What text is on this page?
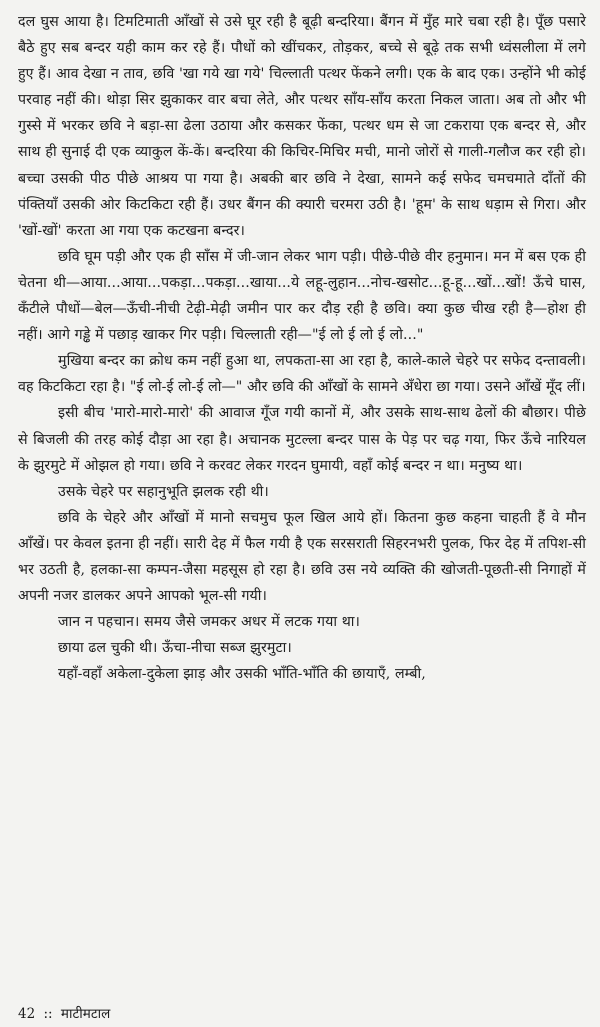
दल घुस आया है। टिमटिमाती आँखों से उसे घूर रही है बूढ़ी बन्दरिया। बैंगन में मुँह मारे चबा रही है। पूँछ पसारे बैठे हुए सब बन्दर यही काम कर रहे हैं। पौधों को खींचकर, तोड़कर, बच्चे से बूढ़े तक सभी ध्वंसलीला में लगे हुए हैं। आव देखा न ताव, छवि 'खा गये खा गये' चिल्लाती पत्थर फेंकने लगी। एक के बाद एक। उन्होंने भी कोई परवाह नहीं की। थोड़ा सिर झुकाकर वार बचा लेते, और पत्थर साँय-साँय करता निकल जाता। अब तो और भी गुस्से में भरकर छवि ने बड़ा-सा ढेला उठाया और कसकर फेंका, पत्थर धम से जा टकराया एक बन्दर से, और साथ ही सुनाई दी एक व्याकुल कें-कें। बन्दरिया की किचिर-मिचिर मची, मानो जोरों से गाली-गलौज कर रही हो। बच्चा उसकी पीठ पीछे आश्रय पा गया है। अबकी बार छवि ने देखा, सामने कई सफेद चमचमाते दाँतों की पंक्तियाँ उसकी ओर किटकिटा रही हैं। उधर बैंगन की क्यारी चरमरा उठी है। 'हूम' के साथ धड़ाम से गिरा। और 'खों-खों' करता आ गया एक कटखना बन्दर।

छवि घूम पड़ी और एक ही साँस में जी-जान लेकर भाग पड़ी। पीछे-पीछे वीर हनुमान। मन में बस एक ही चेतना थी—आया...आया...पकड़ा...पकड़ा...खाया...ये लहू-लुहान...नोच-खसोट...हू-हू...खों...खों! ऊँचे घास, कँटीले पौधों—बेल—ऊँची-नीची टेढ़ी-मेढ़ी जमीन पार कर दौड़ रही है छवि। क्या कुछ चीख रही है—होश ही नहीं। आगे गड्ढे में पछाड़ खाकर गिर पड़ी। चिल्लाती रही—"ई लो ई लो ई लो..."

मुखिया बन्दर का क्रोध कम नहीं हुआ था, लपकता-सा आ रहा है, काले-काले चेहरे पर सफेद दन्तावली। वह किटकिटा रहा है। "ई लो-ई लो-ई लो—" और छवि की आँखों के सामने अँधेरा छा गया। उसने आँखें मूँद लीं।

इसी बीच 'मारो-मारो-मारो' की आवाज गूँज गयी कानों में, और उसके साथ-साथ ढेलों की बौछार। पीछे से बिजली की तरह कोई दौड़ा आ रहा है। अचानक मुटल्ला बन्दर पास के पेड़ पर चढ़ गया, फिर ऊँचे नारियल के झुरमुटे में ओझल हो गया। छवि ने करवट लेकर गरदन घुमायी, वहाँ कोई बन्दर न था। मनुष्य था।

उसके चेहरे पर सहानुभूति झलक रही थी।

छवि के चेहरे और आँखों में मानो सचमुच फूल खिल आये हों। कितना कुछ कहना चाहती हैं वे मौन आँखें। पर केवल इतना ही नहीं। सारी देह में फैल गयी है एक सरसराती सिहरनभरी पुलक, फिर देह में तपिश-सी भर उठती है, हलका-सा कम्पन-जैसा महसूस हो रहा है। छवि उस नये व्यक्ति की खोजती-पूछती-सी निगाहों में अपनी नजर डालकर अपने आपको भूल-सी गयी।

जान न पहचान। समय जैसे जमकर अधर में लटक गया था।

छाया ढल चुकी थी। ऊँचा-नीचा सब्ज झुरमुटा।

यहाँ-वहाँ अकेला-दुकेला झाड़ और उसकी भाँति-भाँति की छायाएँ, लम्बी,

42 :: माटीमटाल
